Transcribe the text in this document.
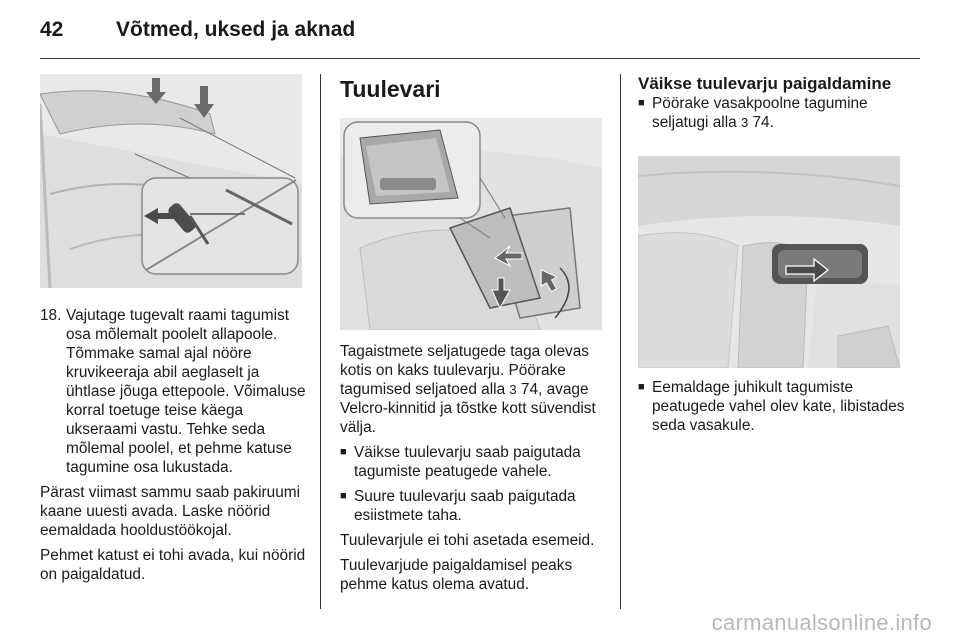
42	Võtmed, uksed ja aknad
18. Vajutage tugevalt raami tagumist osa mõlemalt poolelt allapoole. Tõmmake samal ajal nööre kruvikeeraja abil aeglaselt ja ühtlase jõuga ettepoole. Võimaluse korral toetuge teise käega ukseraami vastu. Tehke seda mõlemal poolel, et pehme katuse tagumine osa lukustada.

Pärast viimast sammu saab pakiruumi kaane uuesti avada. Laske nöörid eemaldada hooldustöökojal.

Pehmet katust ei tohi avada, kui nöörid on paigaldatud.

Tuulevari

Tagaistmete seljatugede taga olevas kotis on kaks tuulevarju. Pöörake tagumised seljatoed alla 3 74, avage Velcro-kinnitid ja tõstke kott süvendist välja.

■ Väikse tuulevarju saab paigutada tagumiste peatugede vahele.
■ Suure tuulevarju saab paigutada esiistmete taha.

Tuulevarjule ei tohi asetada esemeid.

Tuulevarjude paigaldamisel peaks pehme katus olema avatud.

Väikse tuulevarju paigaldamine
■ Pöörake vasakpoolne tagumine seljatugi alla 3 74.
■ Eemaldage juhikult tagumiste peatugede vahel olev kate, libistades seda vasakule.
carmanualsonline.info
